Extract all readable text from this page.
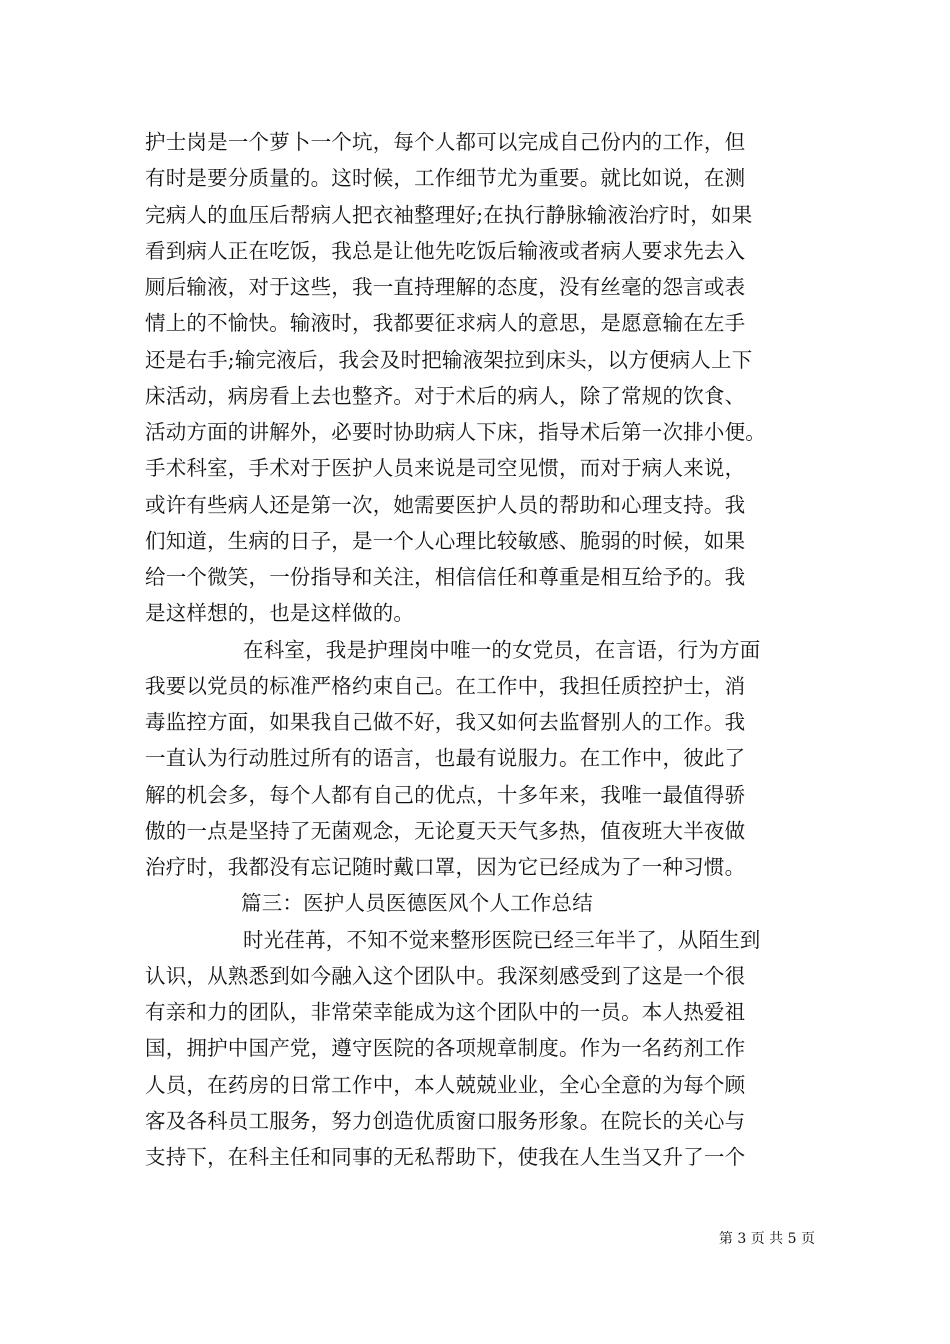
护士岗是一个萝卜一个坑，每个人都可以完成自己份内的工作，但
有时是要分质量的。这时候，工作细节尤为重要。就比如说，在测
完病人的血压后帮病人把衣袖整理好;在执行静脉输液治疗时，如果
看到病人正在吃饭，我总是让他先吃饭后输液或者病人要求先去入
厕后输液，对于这些，我一直持理解的态度，没有丝毫的怨言或表
情上的不愉快。输液时，我都要征求病人的意思，是愿意输在左手
还是右手;输完液后，我会及时把输液架拉到床头，以方便病人上下
床活动，病房看上去也整齐。对于术后的病人，除了常规的饮食、
活动方面的讲解外，必要时协助病人下床，指导术后第一次排小便。
手术科室，手术对于医护人员来说是司空见惯，而对于病人来说，
或许有些病人还是第一次，她需要医护人员的帮助和心理支持。我
们知道，生病的日子，是一个人心理比较敏感、脆弱的时候，如果
给一个微笑，一份指导和关注，相信信任和尊重是相互给予的。我
是这样想的，也是这样做的。
在科室，我是护理岗中唯一的女党员，在言语，行为方面
我要以党员的标准严格约束自己。在工作中，我担任质控护士，消
毒监控方面，如果我自己做不好，我又如何去监督别人的工作。我
一直认为行动胜过所有的语言，也最有说服力。在工作中，彼此了
解的机会多，每个人都有自己的优点，十多年来，我唯一最值得骄
傲的一点是坚持了无菌观念，无论夏天天气多热，值夜班大半夜做
治疗时，我都没有忘记随时戴口罩，因为它已经成为了一种习惯。
篇三：医护人员医德医风个人工作总结
时光荏苒，不知不觉来整形医院已经三年半了，从陌生到
认识，从熟悉到如今融入这个团队中。我深刻感受到了这是一个很
有亲和力的团队，非常荣幸能成为这个团队中的一员。本人热爱祖
国，拥护中国产党，遵守医院的各项规章制度。作为一名药剂工作
人员，在药房的日常工作中，本人兢兢业业，全心全意的为每个顾
客及各科员工服务，努力创造优质窗口服务形象。在院长的关心与
支持下，在科主任和同事的无私帮助下，使我在人生当又升了一个
第 3 页 共 5 页
